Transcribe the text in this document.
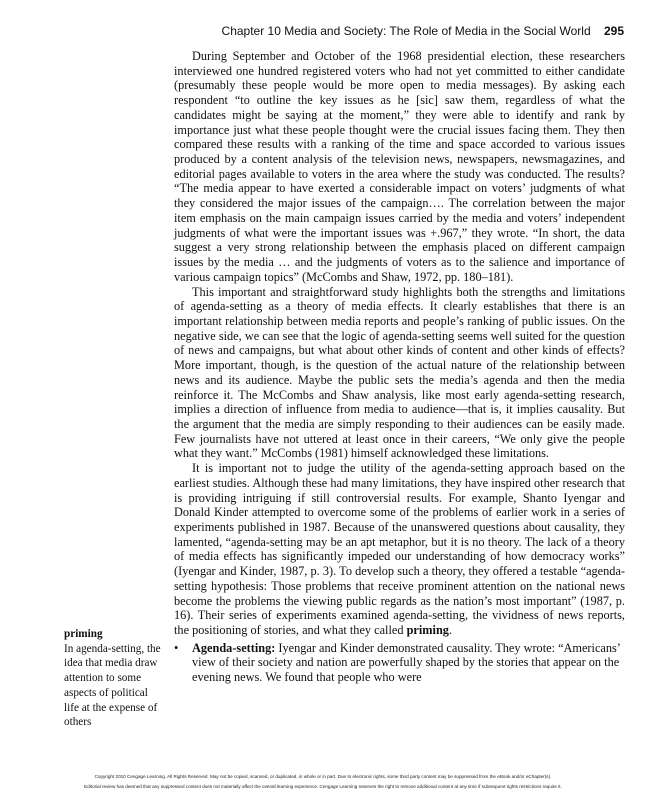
Chapter 10 Media and Society: The Role of Media in the Social World 295

During September and October of the 1968 presidential election, these researchers interviewed one hundred registered voters who had not yet committed to either candidate (presumably these people would be more open to media messages). By asking each respondent “to outline the key issues as he [sic] saw them, regardless of what the candidates might be saying at the moment,” they were able to identify and rank by importance just what these people thought were the crucial issues facing them. They then compared these results with a ranking of the time and space accorded to various issues produced by a content analysis of the television news, newspapers, newsmagazines, and editorial pages available to voters in the area where the study was conducted. The results? “The media appear to have exerted a considerable impact on voters’ judgments of what they considered the major issues of the campaign…. The correlation between the major item emphasis on the main campaign issues carried by the media and voters’ independent judgments of what were the important issues was +.967,” they wrote. “In short, the data suggest a very strong relationship between the emphasis placed on different campaign issues by the media … and the judgments of voters as to the salience and importance of various campaign topics” (McCombs and Shaw, 1972, pp. 180–181).

This important and straightforward study highlights both the strengths and limitations of agenda-setting as a theory of media effects. It clearly establishes that there is an important relationship between media reports and people’s ranking of public issues. On the negative side, we can see that the logic of agenda-setting seems well suited for the question of news and campaigns, but what about other kinds of content and other kinds of effects? More important, though, is the question of the actual nature of the relationship between news and its audience. Maybe the public sets the media’s agenda and then the media reinforce it. The McCombs and Shaw analysis, like most early agenda-setting research, implies a direction of influence from media to audience—that is, it implies causality. But the argument that the media are simply responding to their audiences can be easily made. Few journalists have not uttered at least once in their careers, “We only give the people what they want.” McCombs (1981) himself acknowledged these limitations.

It is important not to judge the utility of the agenda-setting approach based on the earliest studies. Although these had many limitations, they have inspired other research that is providing intriguing if still controversial results. For example, Shanto Iyengar and Donald Kinder attempted to overcome some of the problems of earlier work in a series of experiments published in 1987. Because of the unanswered questions about causality, they lamented, “agenda-setting may be an apt metaphor, but it is no theory. The lack of a theory of media effects has significantly impeded our understanding of how democracy works” (Iyengar and Kinder, 1987, p. 3). To develop such a theory, they offered a testable “agenda-setting hypothesis: Those problems that receive prominent attention on the national news become the problems the viewing public regards as the nation’s most important” (1987, p. 16). Their series of experiments examined agenda-setting, the vividness of news reports, the positioning of stories, and what they called priming.

• Agenda-setting: Iyengar and Kinder demonstrated causality. They wrote: “Americans’ view of their society and nation are powerfully shaped by the stories that appear on the evening news. We found that people who were

priming
In agenda-setting, the idea that media draw attention to some aspects of political life at the expense of others
Copyright 2010 Cengage Learning. All Rights Reserved. May not be copied, scanned, or duplicated, in whole or in part. Due to electronic rights, some third party content may be suppressed from the eBook and/or eChapter(s).
Editorial review has deemed that any suppressed content does not materially affect the overall learning experience. Cengage Learning reserves the right to remove additional content at any time if subsequent rights restrictions require it.
